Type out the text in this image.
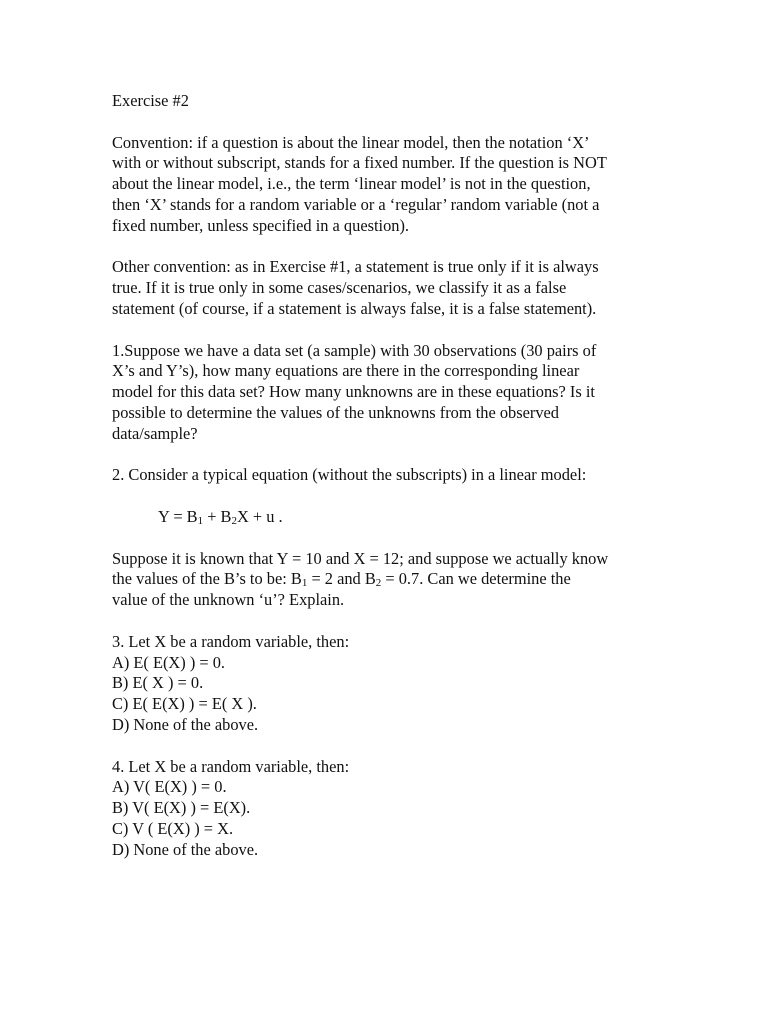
Exercise #2
Convention: if a question is about the linear model, then the notation ‘X’
with or without subscript, stands for a fixed number. If the question is NOT
about the linear model, i.e., the term ‘linear model’ is not in the question,
then ‘X’ stands for a random variable or a ‘regular’ random variable (not a
fixed number, unless specified in a question).
Other convention: as in Exercise #1, a statement is true only if it is always
true. If it is true only in some cases/scenarios, we classify it as a false
statement (of course, if a statement is always false, it is a false statement).
1.Suppose we have a data set (a sample) with 30 observations (30 pairs of
X’s and Y’s), how many equations are there in the corresponding linear
model for this data set? How many unknowns are in these equations? Is it
possible to determine the values of the unknowns from the observed
data/sample?
2. Consider a typical equation (without the subscripts) in a linear model:
$Y = B_1 + B_2X + u$ .
Suppose it is known that Y = 10 and X = 12; and suppose we actually know
the values of the B’s to be: $B_1 = 2$ and $B_2 = 0.7$. Can we determine the
value of the unknown ‘u’? Explain.
3. Let X be a random variable, then:
A) E( E(X) ) = 0.
B) E( X ) = 0.
C) E( E(X) ) = E( X ).
D) None of the above.
4. Let X be a random variable, then:
A) V( E(X) ) = 0.
B) V( E(X) ) = E(X).
C) V ( E(X) ) = X.
D) None of the above.
